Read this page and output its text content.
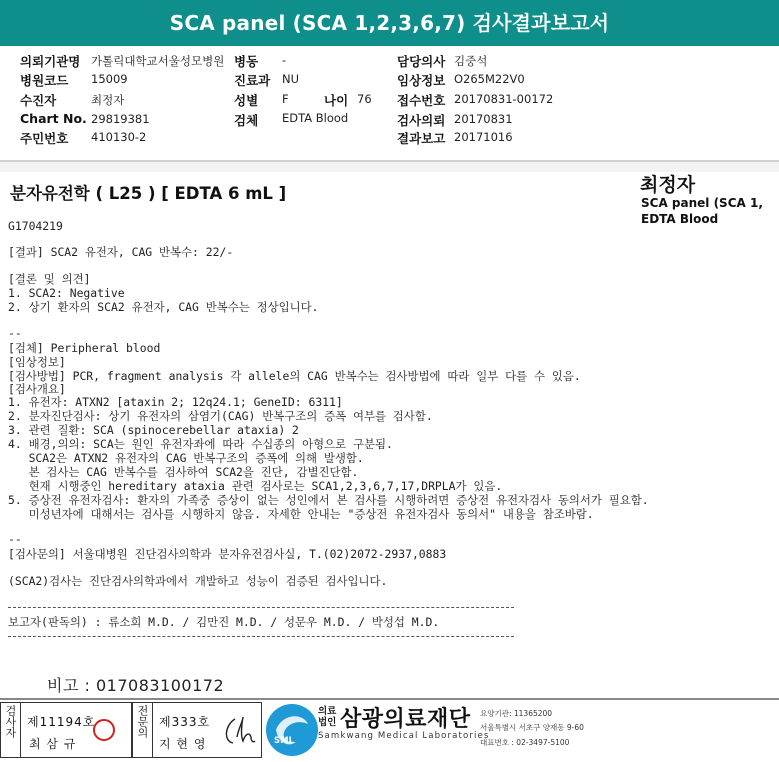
SCA panel (SCA 1,2,3,6,7) 검사결과보고서
의뢰기관명 가톨릭대학교서울성모병원 병동 -	담당의사 김중석
병원코드 15009	진료과 NU	임상정보 O265M22V0
수진자	최정자	성별 F	나이 76 접수번호 20170831-00172
Chart No. 29819381	검체 EDTA Blood	검사의뢰 20170831
주민번호 410130-2	결과보고 20171016
분자유전학 ( L25 ) [ EDTA 6 mL ]	최정자
SCA panel (SCA 1,
EDTA Blood
G1704219
[결과] SCA2 유전자, CAG 반복수: 22/-
[결론 및 의견]
1. SCA2: Negative
2. 상기 환자의 SCA2 유전자, CAG 반복수는 정상입니다.
--
[검체] Peripheral blood
[임상정보]
[검사방법] PCR, fragment analysis 각 allele의 CAG 반복수는 검사방법에 따라 일부 다를 수 있음.
[검사개요]
1. 유전자: ATXN2 [ataxin 2; 12q24.1; GeneID: 6311]
2. 분자진단검사: 상기 유전자의 삼염기(CAG) 반복구조의 증폭 여부를 검사함.
3. 관련 질환: SCA (spinocerebellar ataxia) 2
4. 배경,의의: SCA는 원인 유전자좌에 따라 수십종의 아형으로 구분됨.
SCA2은 ATXN2 유전자의 CAG 반복구조의 증폭에 의해 발생함.
본 검사는 CAG 반복수를 검사하여 SCA2을 진단, 감별진단함.
현재 시행중인 hereditary ataxia 관련 검사로는 SCA1,2,3,6,7,17,DRPLA가 있음.
5. 증상전 유전자검사: 환자의 가족중 증상이 없는 성인에서 본 검사를 시행하려면 증상전 유전자검사 동의서가 필요함.
미성년자에 대해서는 검사를 시행하지 않음. 자세한 안내는 "증상전 유전자검사 동의서" 내용을 참조바람.
--
[검사문의] 서울대병원 진단검사의학과 분자유전검사실, T.(02)2072-2937,0883
(SCA2)검사는 진단검사의학과에서 개발하고 성능이 검증된 검사입니다.
보고자(판독의) : 류소희 M.D. / 김만진 M.D. / 성문우 M.D. / 박성섭 M.D.
비고 : 017083100172
검사자 제11194호
최 삼 규
전문의 제333호
지 현 영	SML
의료
법인 삼광의료재단
Samkwang Medical Laboratories
요양기관: 11365200
서울특별시 서초구 양재동 9-60
대표번호 : 02-3497-5100
